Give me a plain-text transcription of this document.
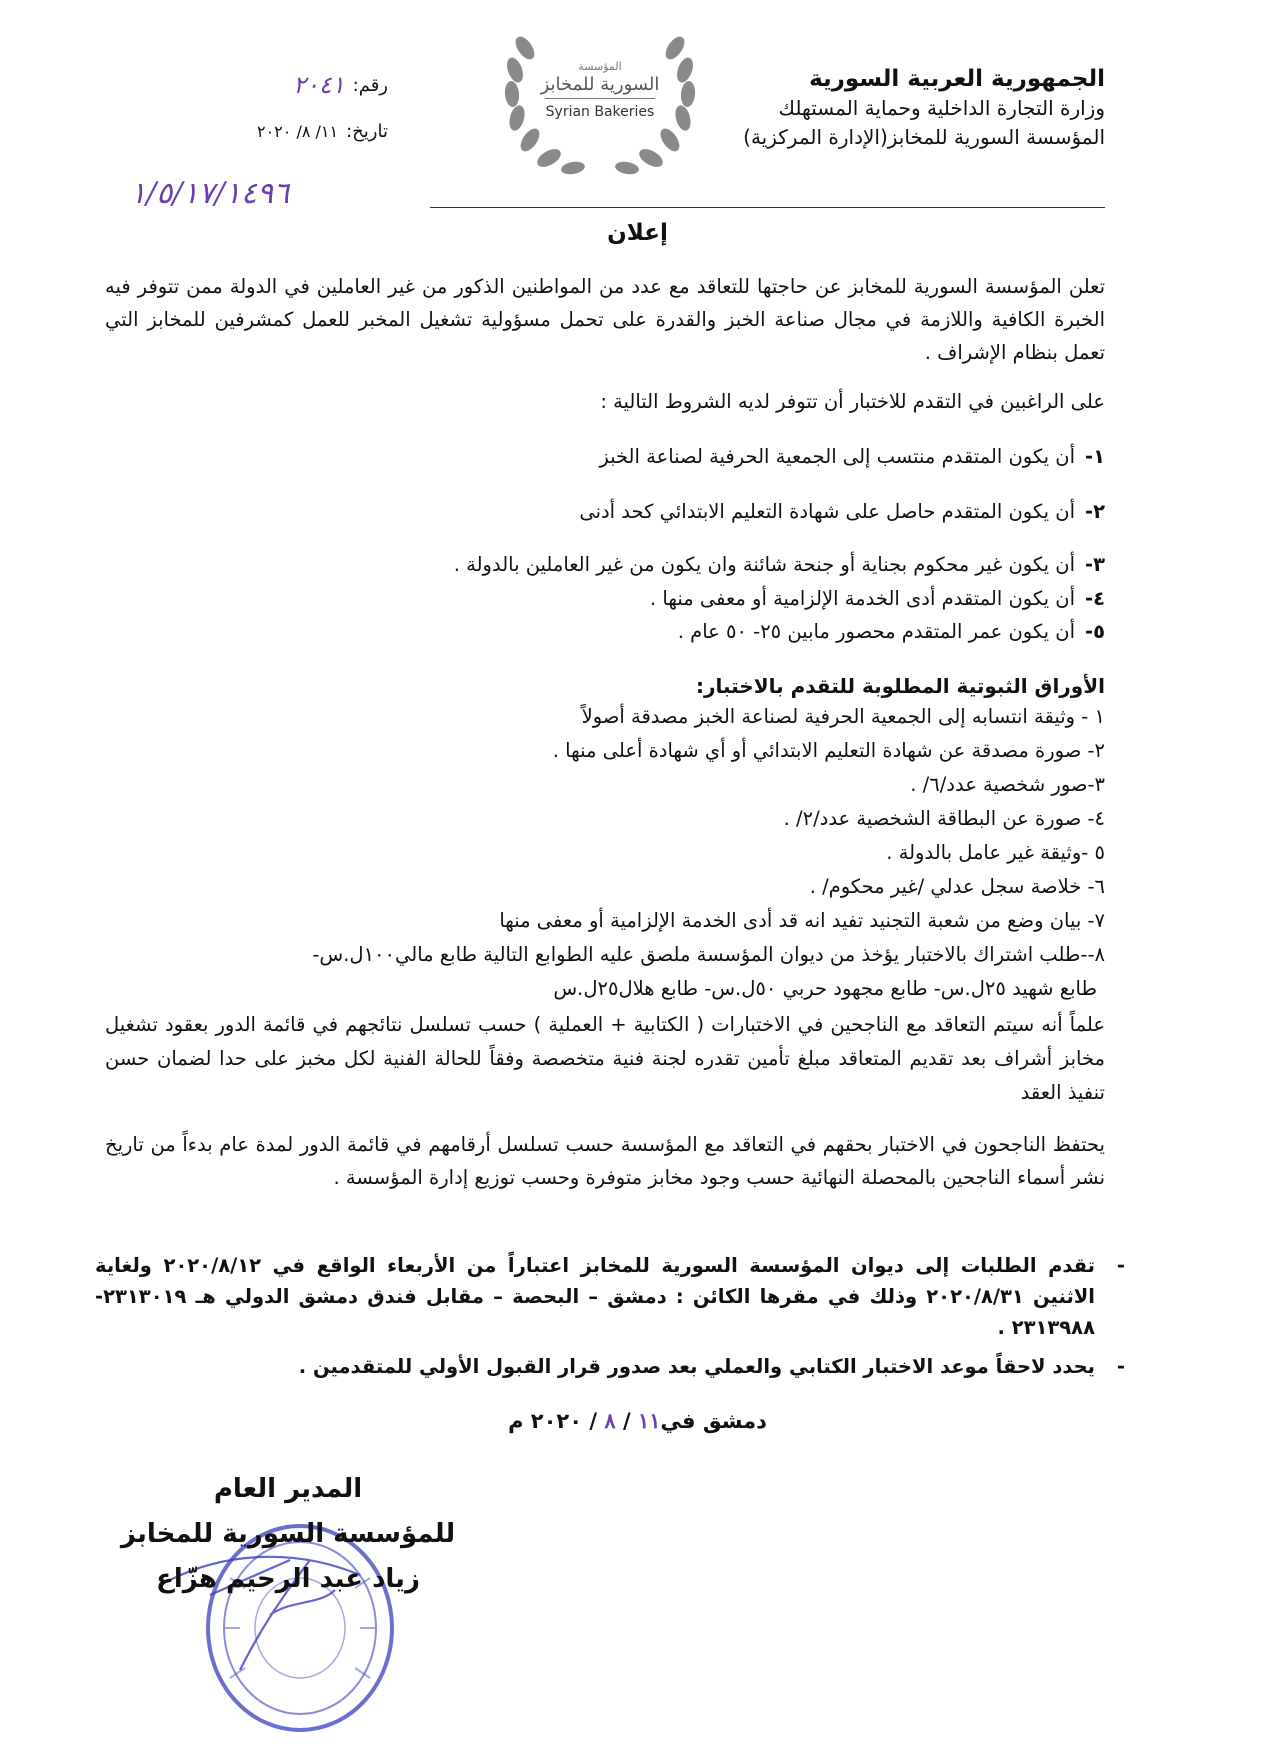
الجمهورية العربية السورية
وزارة التجارة الداخلية وحماية المستهلك
المؤسسة السورية للمخابز(الإدارة المركزية)
المؤسسة
السورية للمخابز
Syrian Bakeries
رقم:
٢٠٤١
تاريخ:
١١/ ٨/ ٢٠٢٠
١/٥/١٧/١٤٩٦
إعلان
تعلن المؤسسة السورية للمخابز عن حاجتها للتعاقد مع عدد من المواطنين الذكور من غير العاملين في الدولة ممن تتوفر فيه الخبرة الكافية واللازمة في مجال صناعة الخبز والقدرة على تحمل مسؤولية تشغيل المخبر للعمل كمشرفين للمخابز التي تعمل بنظام الإشراف .
على الراغبين في التقدم للاختبار أن تتوفر لديه الشروط التالية :
١-أن يكون المتقدم منتسب إلى الجمعية الحرفية لصناعة الخبز
٢-أن يكون المتقدم حاصل على شهادة التعليم الابتدائي كحد أدنى
٣-أن يكون غير محكوم بجناية أو جنحة شائنة وان يكون من غير العاملين بالدولة .
٤-أن يكون المتقدم أدى الخدمة الإلزامية أو معفى منها .
٥-أن يكون عمر المتقدم محصور مابين ٢٥- ٥٠ عام .
الأوراق الثبوتية المطلوبة للتقدم بالاختبار:
١ - وثيقة انتسابه إلى الجمعية الحرفية لصناعة الخبز مصدقة أصولاً
٢- صورة مصدقة عن شهادة التعليم الابتدائي أو أي شهادة أعلى منها .
٣-صور شخصية عدد/٦/ .
٤- صورة عن البطاقة الشخصية عدد/٢/ .
٥ -وثيقة غير عامل بالدولة .
٦- خلاصة سجل عدلي /غير محكوم/ .
٧- بيان وضع من شعبة التجنيد تفيد انه قد أدى الخدمة الإلزامية أو معفى منها
٨--طلب اشتراك بالاختبار يؤخذ من ديوان المؤسسة ملصق عليه الطوابع التالية طابع مالي١٠٠ل.س-
طابع شهيد ٢٥ل.س- طابع مجهود حربي ٥٠ل.س- طابع هلال٢٥ل.س
علماً أنه سيتم التعاقد مع الناجحين في الاختبارات ( الكتابية + العملية ) حسب تسلسل نتائجهم في قائمة الدور بعقود تشغيل مخابز أشراف بعد تقديم المتعاقد مبلغ تأمين تقدره لجنة فنية متخصصة وفقاً للحالة الفنية لكل مخبز على حدا لضمان حسن تنفيذ العقد
يحتفظ الناجحون في الاختبار بحقهم في التعاقد مع المؤسسة حسب تسلسل أرقامهم في قائمة الدور لمدة عام بدءاً من تاريخ نشر أسماء الناجحين بالمحصلة النهائية حسب وجود مخابز متوفرة وحسب توزيع إدارة المؤسسة .
-
تقدم الطلبات إلى ديوان المؤسسة السورية للمخابز اعتباراً من الأربعاء الواقع في ٢٠٢٠/٨/١٢ ولغاية الاثنين ٢٠٢٠/٨/٣١ وذلك في مقرها الكائن : دمشق – البحصة – مقابل فندق دمشق الدولي هـ ٢٣١٣٠١٩- ٢٣١٣٩٨٨ .
-
يحدد لاحقاً موعد الاختبار الكتابي والعملي بعد صدور قرار القبول الأولي للمتقدمين .
دمشق في١١ / ٨ / ٢٠٢٠ م
المدير العام
للمؤسسة السورية للمخابز
زياد عبد الرحيم هزّاع
